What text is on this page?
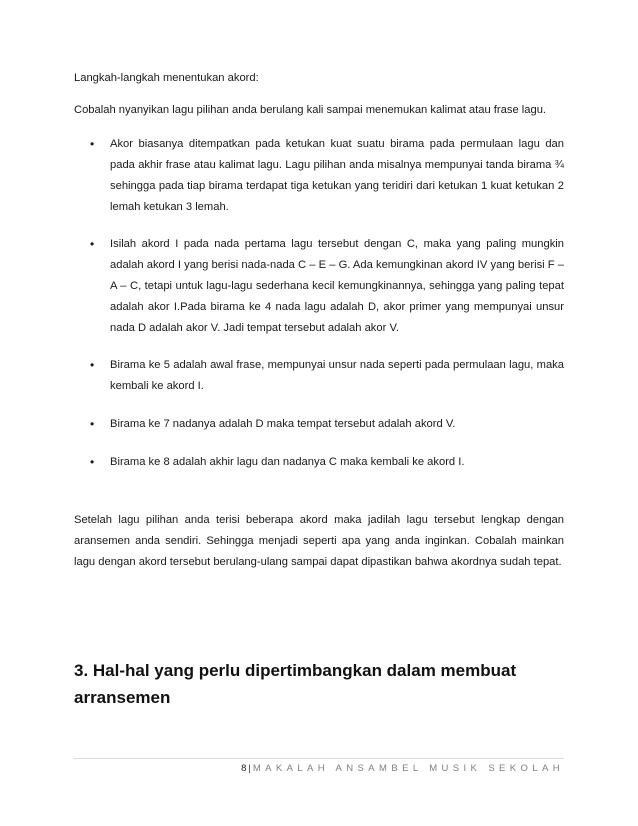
Langkah-langkah menentukan akord:

Cobalah nyanyikan lagu pilihan anda berulang kali sampai menemukan kalimat atau frase lagu.

• Akor biasanya ditempatkan pada ketukan kuat suatu birama pada permulaan lagu dan pada akhir frase atau kalimat lagu. Lagu pilihan anda misalnya mempunyai tanda birama ¾ sehingga pada tiap birama terdapat tiga ketukan yang teridiri dari ketukan 1 kuat ketukan 2 lemah ketukan 3 lemah.

• Isilah akord I pada nada pertama lagu tersebut dengan C, maka yang paling mungkin adalah akord I yang berisi nada-nada C – E – G. Ada kemungkinan akord IV yang berisi F – A – C, tetapi untuk lagu-lagu sederhana kecil kemungkinannya, sehingga yang paling tepat adalah akor I.Pada birama ke 4 nada lagu adalah D, akor primer yang mempunyai unsur nada D adalah akor V. Jadi tempat tersebut adalah akor V.

• Birama ke 5 adalah awal frase, mempunyai unsur nada seperti pada permulaan lagu, maka kembali ke akord I.

• Birama ke 7 nadanya adalah D maka tempat tersebut adalah akord V.

• Birama ke 8 adalah akhir lagu dan nadanya C maka kembali ke akord I.

Setelah lagu pilihan anda terisi beberapa akord maka jadilah lagu tersebut lengkap dengan aransemen anda sendiri. Sehingga menjadi seperti apa yang anda inginkan. Cobalah mainkan lagu dengan akord tersebut berulang-ulang sampai dapat dipastikan bahwa akordnya sudah tepat.

3. Hal-hal yang perlu dipertimbangkan dalam membuat arransemen
8 | MAKALAH ANSAMBEL MUSIK SEKOLAH
